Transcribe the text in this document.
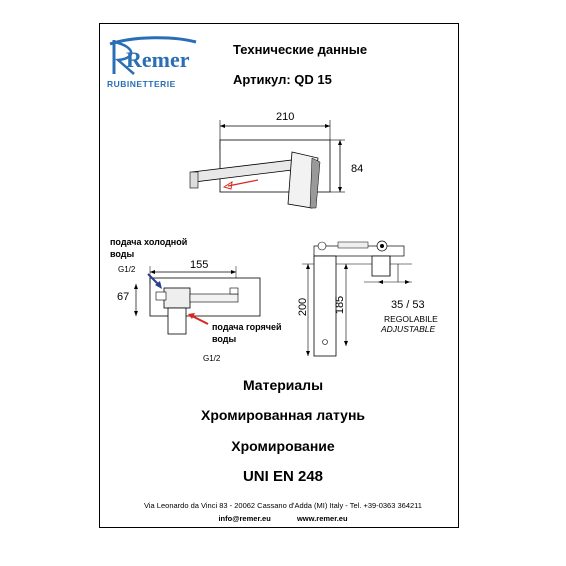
Remer
RUBINETTERIE
Технические данные
Артикул: QD 15
210
84
подача холодной
воды
G1/2	155
67
подача горячей
воды
G1/2
200 185	35 / 53
REGOLABILE
ADJUSTABLE
Материалы
Хромированная латунь
Хромирование
UNI EN 248
Via Leonardo da Vinci 83 - 20062 Cassano d'Adda (MI) Italy - Tel. +39-0363 364211
info@remer.eu	www.remer.eu
